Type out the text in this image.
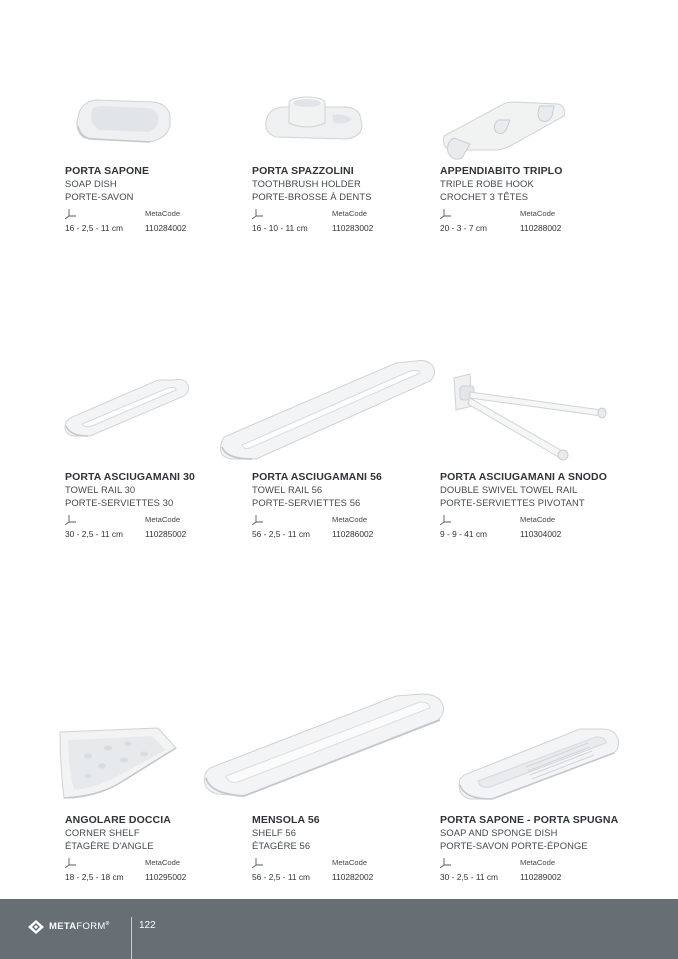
PORTA SAPONE
SOAP DISH
PORTE-SAVON
MetaCode
16 - 2,5 - 11 cm	110284002
PORTA SPAZZOLINI
TOOTHBRUSH HOLDER
PORTE-BROSSE À DENTS
MetaCode
16 - 10 - 11 cm	110283002
APPENDIABITO TRIPLO
TRIPLE ROBE HOOK
CROCHET 3 TÊTES
MetaCode
20 - 3 - 7 cm	110288002
PORTA ASCIUGAMANI 30
TOWEL RAIL 30
PORTE-SERVIETTES 30
MetaCode
30 - 2,5 - 11 cm	110285002
PORTA ASCIUGAMANI 56
TOWEL RAIL 56
PORTE-SERVIETTES 56
MetaCode
56 - 2,5 - 11 cm	110286002
PORTA ASCIUGAMANI A SNODO
DOUBLE SWIVEL TOWEL RAIL
PORTE-SERVIETTES PIVOTANT
MetaCode
9 - 9 - 41 cm	110304002
ANGOLARE DOCCIA
CORNER SHELF
ÉTAGÈRE D'ANGLE
MetaCode
18 - 2,5 - 18 cm	110295002
MENSOLA 56
SHELF 56
ÉTAGÈRE 56
MetaCode
56 - 2,5 - 11 cm	110282002
PORTA SAPONE - PORTA SPUGNA
SOAP AND SPONGE DISH
PORTE-SAVON PORTE-ÉPONGE
MetaCode
30 - 2,5 - 11 cm	110289002
METAFORM®	122
